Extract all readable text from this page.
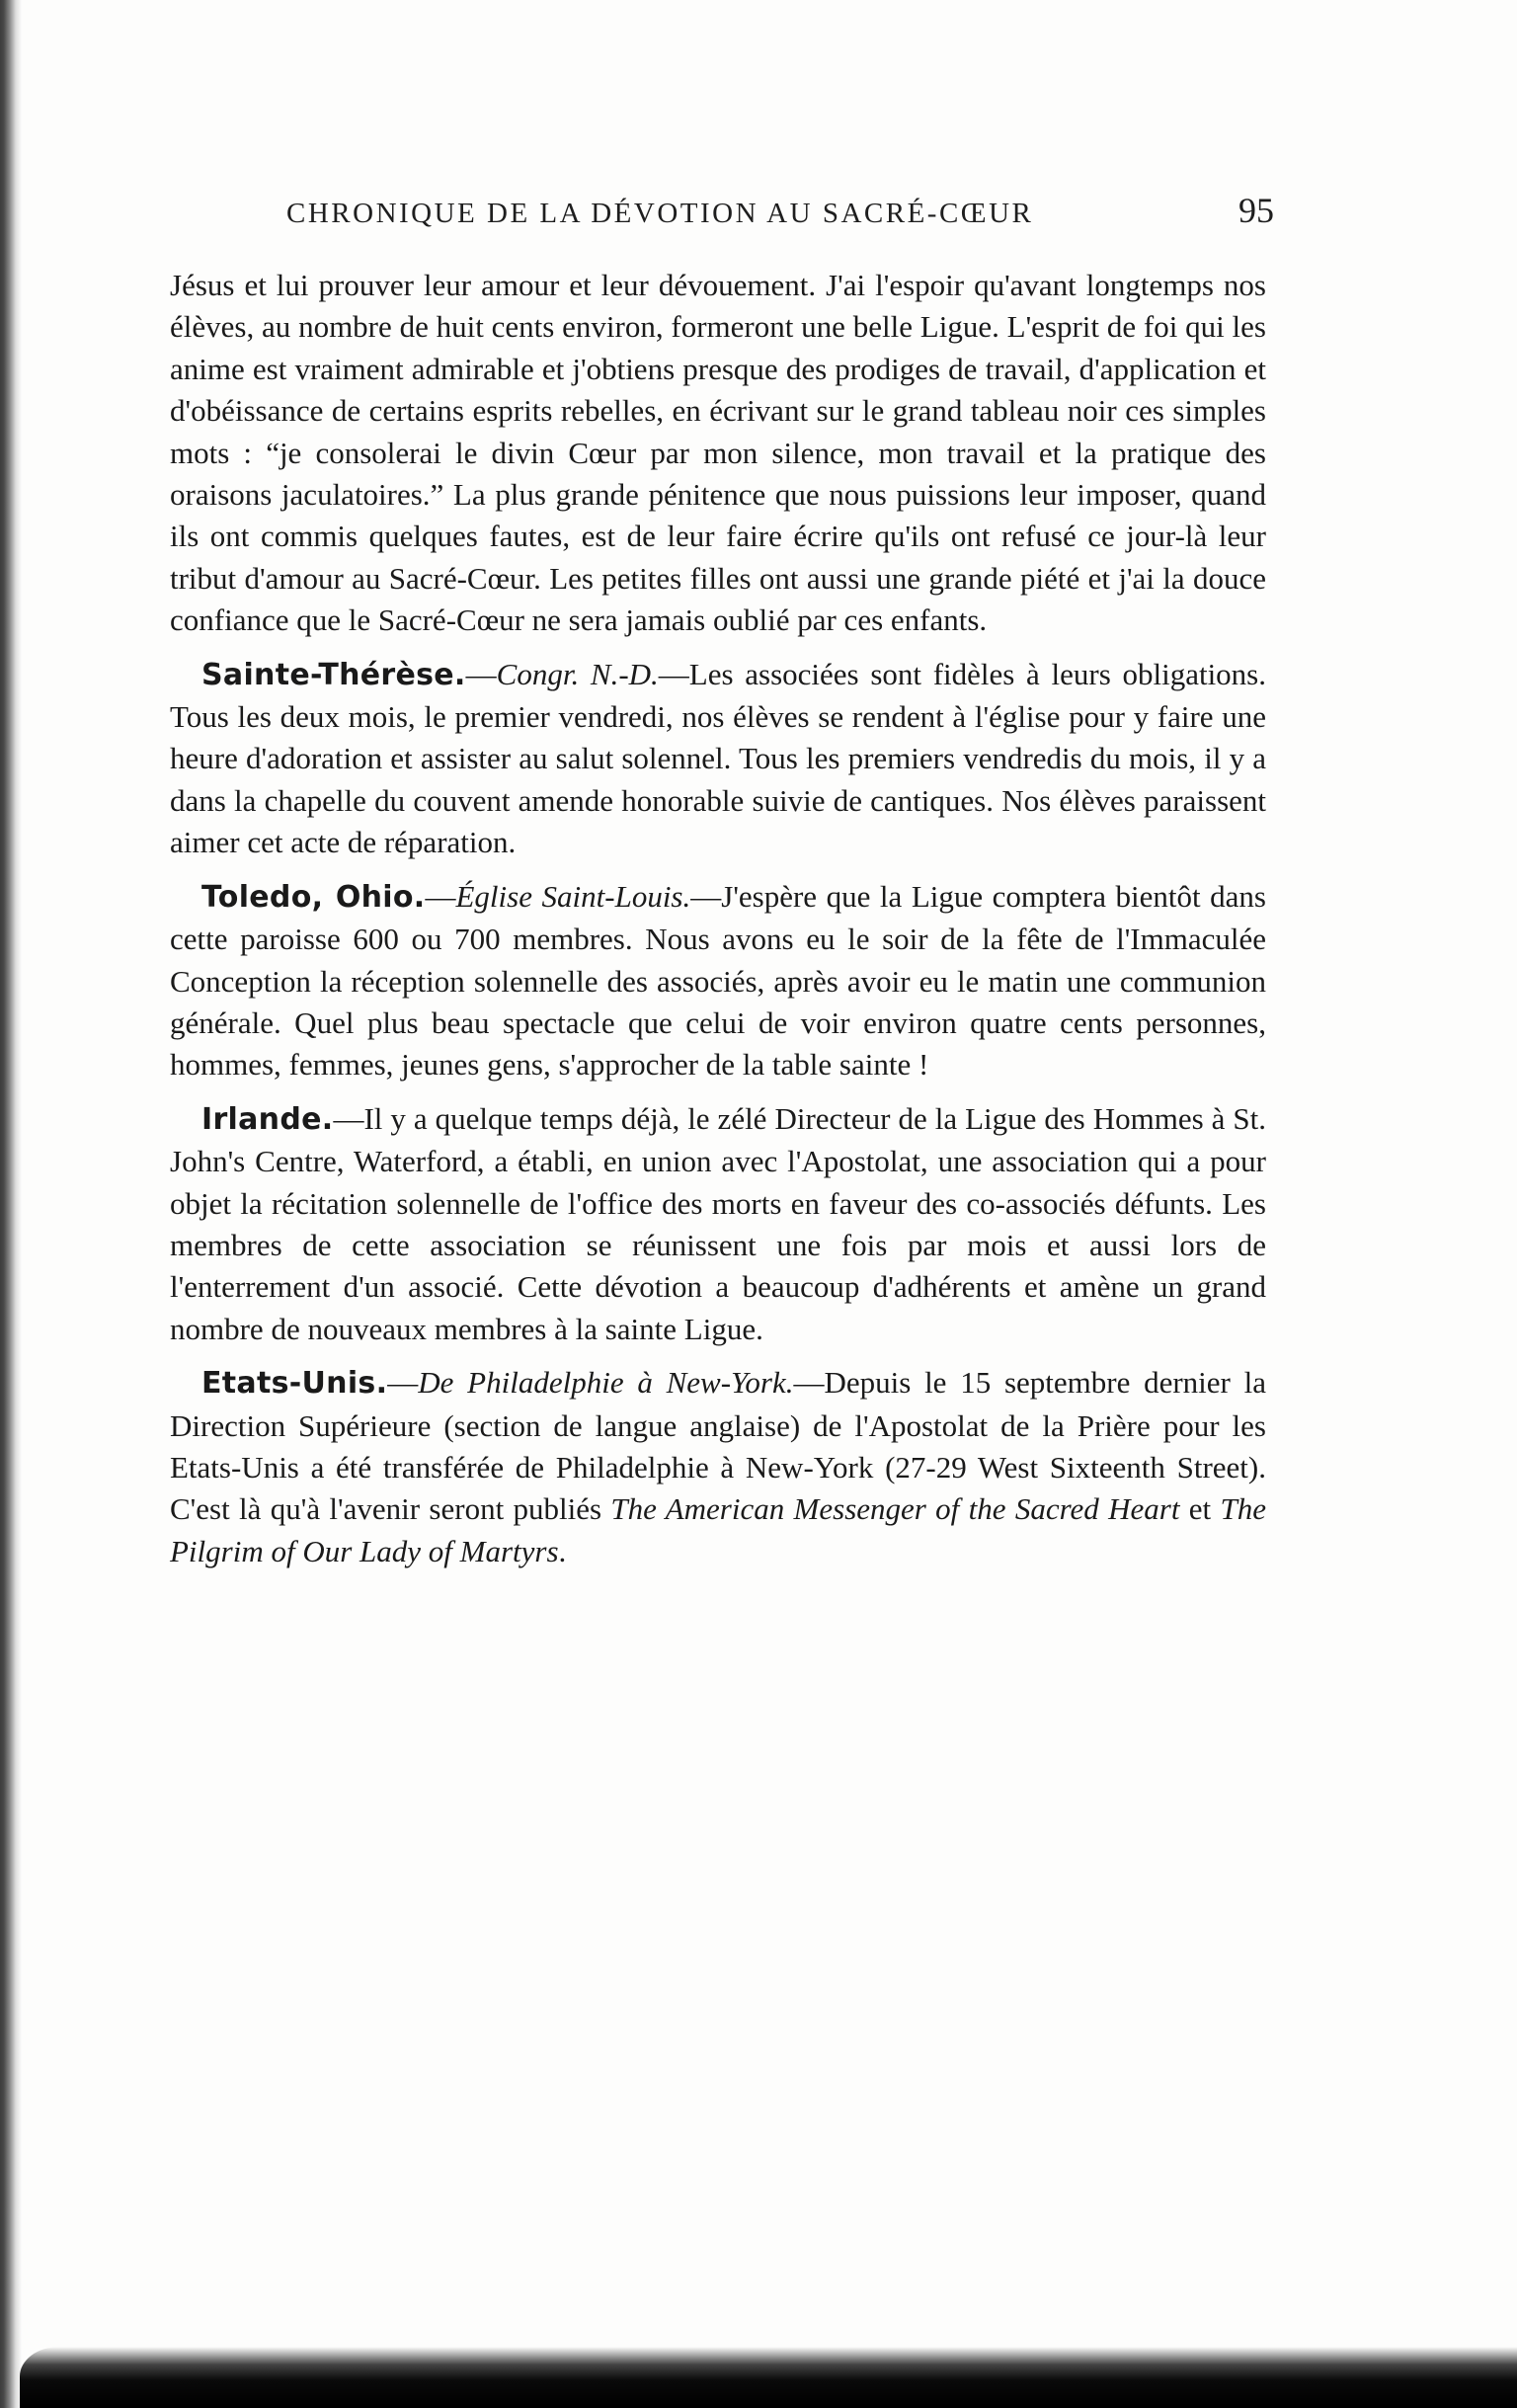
CHRONIQUE DE LA DÉVOTION AU SACRÉ-CŒUR	95

Jésus et lui prouver leur amour et leur dévouement. J'ai l'espoir qu'avant longtemps nos élèves, au nombre de huit cents environ, formeront une belle Ligue. L'esprit de foi qui les anime est vraiment admirable et j'obtiens presque des prodiges de travail, d'application et d'obéissance de certains esprits rebelles, en écrivant sur le grand tableau noir ces simples mots : “je consolerai le divin Cœur par mon silence, mon travail et la pratique des oraisons jaculatoires.” La plus grande pénitence que nous puissions leur imposer, quand ils ont commis quelques fautes, est de leur faire écrire qu'ils ont refusé ce jour-là leur tribut d'amour au Sacré-Cœur. Les petites filles ont aussi une grande piété et j'ai la douce confiance que le Sacré-Cœur ne sera jamais oublié par ces enfants.

Sainte-Thérèse.—Congr. N.-D.—Les associées sont fidèles à leurs obligations. Tous les deux mois, le premier vendredi, nos élèves se rendent à l'église pour y faire une heure d'adoration et assister au salut solennel. Tous les premiers vendredis du mois, il y a dans la chapelle du couvent amende honorable suivie de cantiques. Nos élèves paraissent aimer cet acte de réparation.

Toledo, Ohio.—Église Saint-Louis.—J'espère que la Ligue comptera bientôt dans cette paroisse 600 ou 700 membres. Nous avons eu le soir de la fête de l'Immaculée Conception la réception solennelle des associés, après avoir eu le matin une communion générale. Quel plus beau spectacle que celui de voir environ quatre cents personnes, hommes, femmes, jeunes gens, s'approcher de la table sainte !

Irlande.—Il y a quelque temps déjà, le zélé Directeur de la Ligue des Hommes à St. John's Centre, Waterford, a établi, en union avec l'Apostolat, une association qui a pour objet la récitation solennelle de l'office des morts en faveur des co-associés défunts. Les membres de cette association se réunissent une fois par mois et aussi lors de l'enterrement d'un associé. Cette dévotion a beaucoup d'adhérents et amène un grand nombre de nouveaux membres à la sainte Ligue.

Etats-Unis.—De Philadelphie à New-York.—Depuis le 15 septembre dernier la Direction Supérieure (section de langue anglaise) de l'Apostolat de la Prière pour les Etats-Unis a été transférée de Philadelphie à New-York (27-29 West Sixteenth Street). C'est là qu'à l'avenir seront publiés The American Messenger of the Sacred Heart et The Pilgrim of Our Lady of Martyrs.
